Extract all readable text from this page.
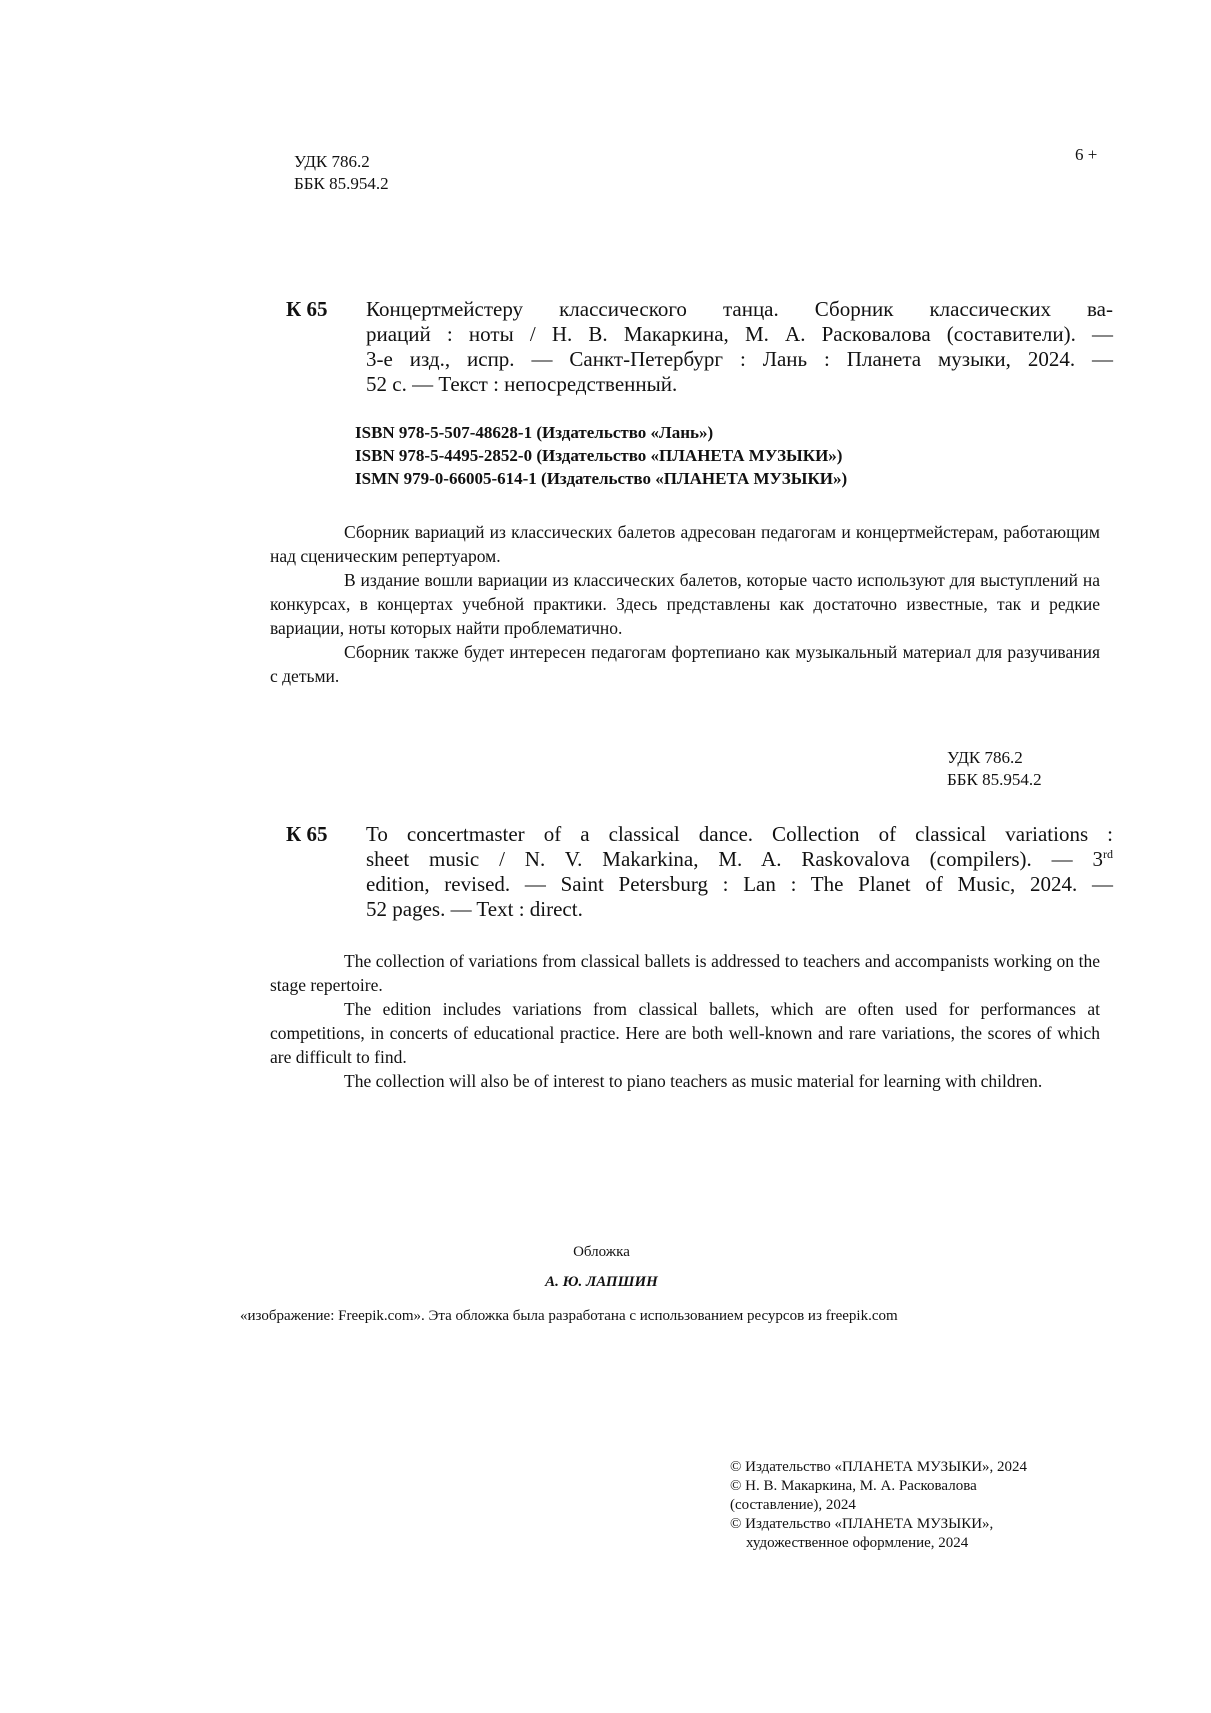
УДК 786.2
ББК 85.954.2
6 +
К 65 Концертмейстеру классического танца. Сборник классических ва-
риаций : ноты / Н. В. Макаркина, М. А. Расковалова (составители). —
3-е изд., испр. — Санкт-Петербург : Лань : Планета музыки, 2024. —
52 с. — Текст : непосредственный.
ISBN 978-5-507-48628-1 (Издательство «Лань»)
ISBN 978-5-4495-2852-0 (Издательство «ПЛАНЕТА МУЗЫКИ»)
ISMN 979-0-66005-614-1 (Издательство «ПЛАНЕТА МУЗЫКИ»)

Сборник вариаций из классических балетов адресован педагогам и концертмейстерам, работающим над сценическим репертуаром.

В издание вошли вариации из классических балетов, которые часто используют для выступлений на конкурсах, в концертах учебной практики. Здесь представлены как достаточно известные, так и редкие вариации, ноты которых найти проблематично.

Сборник также будет интересен педагогам фортепиано как музыкальный материал для разучивания с детьми.

УДК 786.2
ББК 85.954.2
К 65 To concertmaster of a classical dance. Collection of classical variations :
sheet music / N. V. Makarkina, M. A. Raskovalova (compilers). — 3rd
edition, revised. — Saint Petersburg : Lan : The Planet of Music, 2024. —
52 pages. — Text : direct.

The collection of variations from classical ballets is addressed to teachers and accompanists working on the stage repertoire.

The edition includes variations from classical ballets, which are often used for performances at competitions, in concerts of educational practice. Here are both well-known and rare variations, the scores of which are difficult to find.

The collection will also be of interest to piano teachers as music material for learning with children.

Обложка
А. Ю. ЛАПШИН
«изображение: Freepik.com». Эта обложка была разработана с использованием ресурсов из freepik.com
© Издательство «ПЛАНЕТА МУЗЫКИ», 2024
© Н. В. Макаркина, М. А. Расковалова
(составление), 2024
© Издательство «ПЛАНЕТА МУЗЫКИ»,
художественное оформление, 2024
